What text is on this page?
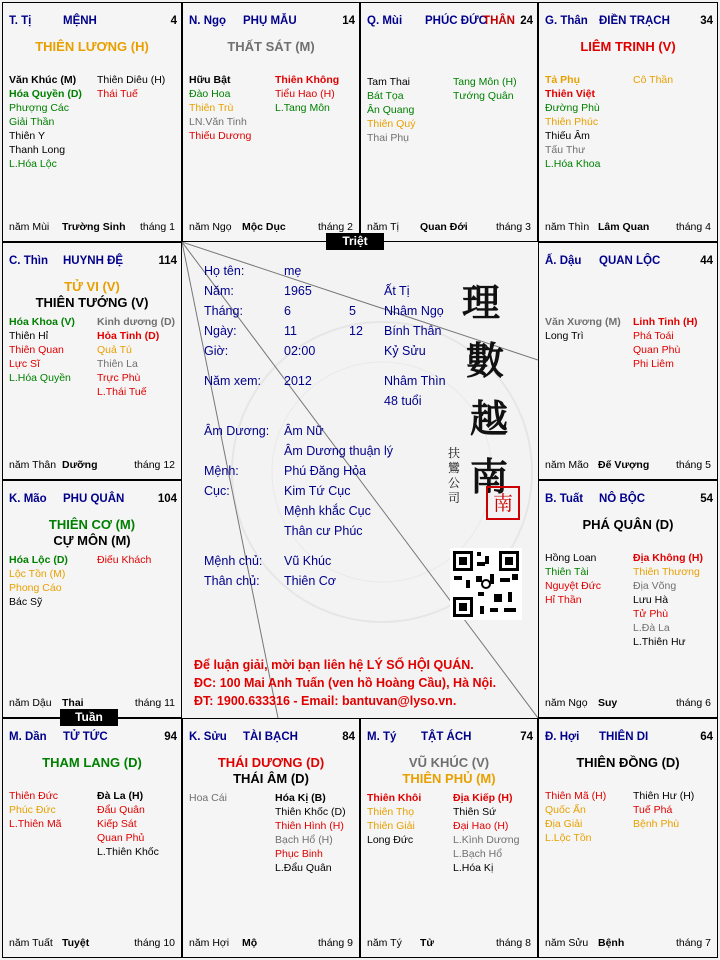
T. Tị	MỆNH	4
THIÊN LƯƠNG (H)
Văn Khúc (M)
Hóa Quyền (D)
Phượng Các
Giải Thần
Thiên Y
Thanh Long
L.Hóa Lộc
Thiên Diêu (H)
Thái Tuế
năm Mùi Trường Sinh tháng 1
N. Ngọ PHỤ MẪU	14
THẤT SÁT (M)
Hữu Bật
Đào Hoa
Thiên Trù
LN.Văn Tinh
Thiếu Dương
Thiên Không
Tiểu Hao (H)
L.Tang Môn
năm Ngọ Mộc Dục	tháng 2
Q. Mùi PHÚC ĐỨC
THÂN 24
Tam Thai
Bát Tọa
Ân Quang
Thiên Quý
Thai Phụ
Tang Môn (H)
Tướng Quân
năm Tị Quan Đới	tháng 3
G. Thân ĐIỀN TRẠCH	34
LIÊM TRINH (V)
Tả Phụ
Thiên Việt
Đường Phù
Thiên Phúc
Thiếu Âm
Tấu Thư
L.Hóa Khoa
Cô Thần
năm Thìn Lâm Quan	tháng 4
C. Thìn HUYNH ĐỆ	114
TỬ VI (V)
THIÊN TƯỚNG (V)
Hóa Khoa (V)
Thiên Hỉ
Thiên Quan
Lực Sĩ
L.Hóa Quyền
Kinh dương (D)
Hỏa Tinh (D)
Quả Tú
Thiên La
Trực Phù
L.Thái Tuế
năm Thân Dưỡng	tháng 12
Ấ. Dậu QUAN LỘC	44
Văn Xương (M)
Long Trì
Linh Tinh (H)
Phá Toái
Quan Phù
Phi Liêm
năm Mão Đế Vượng	tháng 5
K. Mão PHU QUÂN	104
THIÊN CƠ (M)
CỰ MÔN (M)
Hóa Lộc (D)
Lộc Tồn (M)
Phong Cáo
Bác Sỹ
Điếu Khách
năm Dậu Thai	tháng 11
B. Tuất NÔ BỘC	54
PHÁ QUÂN (D)
Hồng Loan
Thiên Tài
Nguyệt Đức
Hỉ Thần
Địa Không (H)
Thiên Thương
Địa Võng
Lưu Hà
Tử Phù
L.Đà La
L.Thiên Hư
năm Ngọ Suy	tháng 6
M. Dần TỬ TỨC	94
THAM LANG (D)
Thiên Đức
Phúc Đức
L.Thiên Mã
Đà La (H)
Đẩu Quân
Kiếp Sát
Quan Phủ
L.Thiên Khốc
năm Tuất Tuyệt	tháng 10
K. Sửu TÀI BẠCH	84
THÁI DƯƠNG (D)
THÁI ÂM (D)
Hoa Cái	Hóa Kị (B)
Thiên Khốc (D)
Thiên Hình (H)
Bạch Hổ (H)
Phục Binh
L.Đẩu Quân
năm Hợi Mộ	tháng 9
M. Tý TẬT ÁCH	74
VŨ KHÚC (V)
THIÊN PHỦ (M)
Thiên Khôi
Thiên Thọ
Thiên Giải
Long Đức
Địa Kiếp (H)
Thiên Sứ
Đại Hao (H)
L.Kình Dương
L.Bạch Hổ
L.Hóa Kị
năm Tý Tử	tháng 8
Đ. Hợi THIÊN DI	64
THIÊN ĐỒNG (D)
Thiên Mã (H)
Quốc Ấn
Địa Giải
L.Lộc Tồn
Thiên Hư (H)
Tuế Phá
Bệnh Phù
năm Sửu Bệnh	tháng 7
Họ tên:	mẹ
Năm:	1965	Ất Tị
Tháng:	6	5 Nhâm Ngọ
Ngày:	11	12 Bính Thân
Giờ:	02:00	Kỷ Sửu
Năm xem: 2012	Nhâm Thìn
48 tuổi
Âm Dương: Âm Nữ
Âm Dương thuận lý
Mệnh:	Phú Đăng Hỏa
Cục:	Kim Tứ Cục
Mệnh khắc Cục
Thân cư Phúc
Mệnh chủ: Vũ Khúc
Thân chủ: Thiên Cơ
理
數
越
南
扶鸞公司	南
Để luận giải, mời bạn liên hệ LÝ SỐ HỘI QUÁN.
ĐC: 100 Mai Anh Tuấn (ven hồ Hoàng Cầu), Hà Nội.
ĐT: 1900.633316 - Email: bantuvan@lyso.vn.
Triệt
Tuần
